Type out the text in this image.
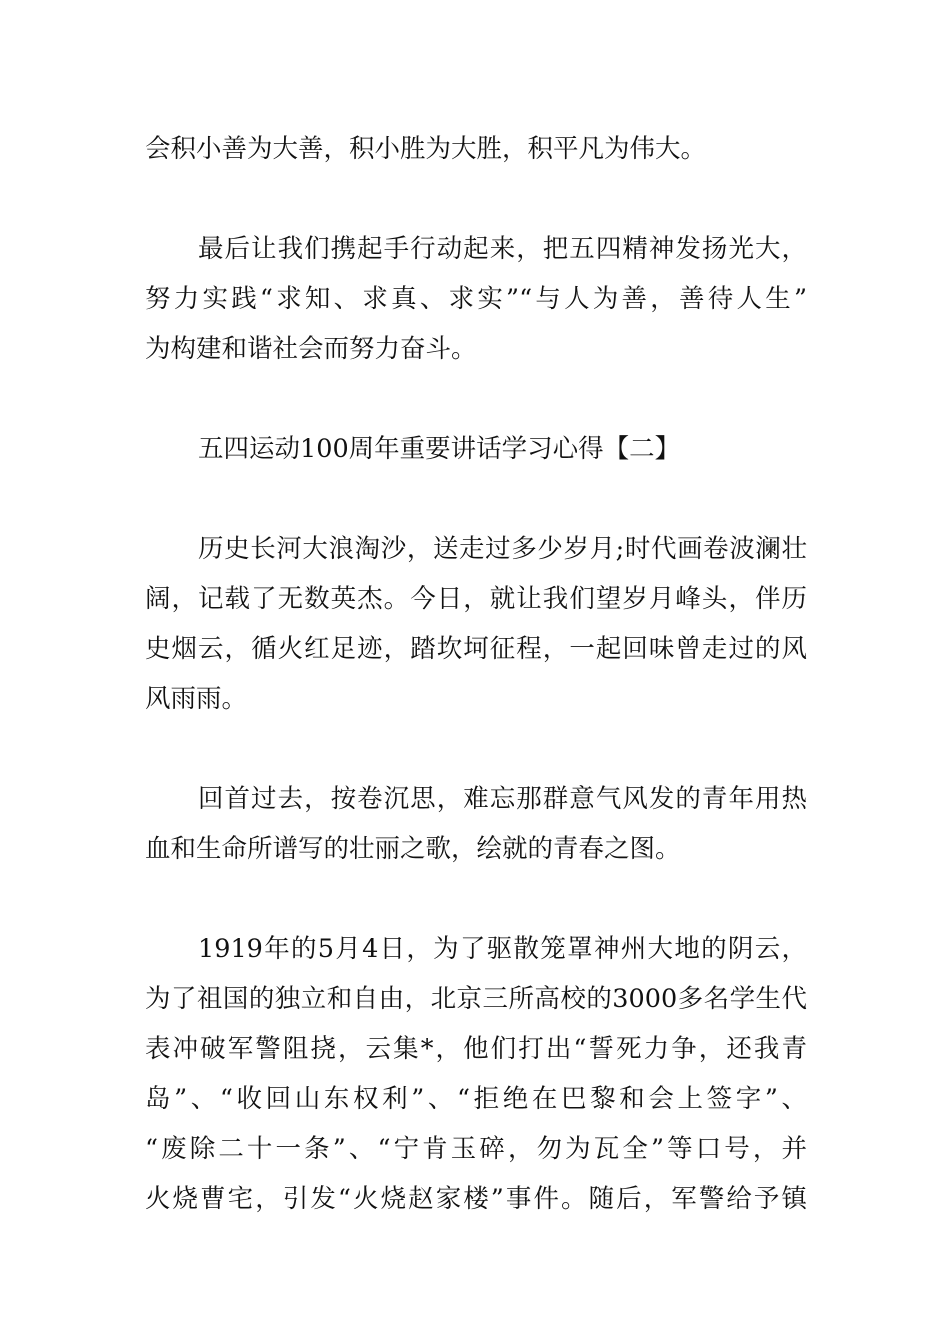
会积小善为大善，积小胜为大胜，积平凡为伟大。
最后让我们携起手行动起来，把五四精神发扬光大，
努力实践“求知、求真、求实”“与人为善，善待人生”
为构建和谐社会而努力奋斗。
五四运动100周年重要讲话学习心得【二】
历史长河大浪淘沙，送走过多少岁月;时代画卷波澜壮
阔，记载了无数英杰。今日，就让我们望岁月峰头，伴历
史烟云，循火红足迹，踏坎坷征程，一起回味曾走过的风
风雨雨。
回首过去，按卷沉思，难忘那群意气风发的青年用热
血和生命所谱写的壮丽之歌，绘就的青春之图。
1919年的5月4日，为了驱散笼罩神州大地的阴云，
为了祖国的独立和自由，北京三所高校的3000多名学生代
表冲破军警阻挠，云集*，他们打出“誓死力争，还我青
岛”、“收回山东权利”、“拒绝在巴黎和会上签字”、
“废除二十一条”、“宁肯玉碎，勿为瓦全”等口号，并
火烧曹宅，引发“火烧赵家楼”事件。随后，军警给予镇
